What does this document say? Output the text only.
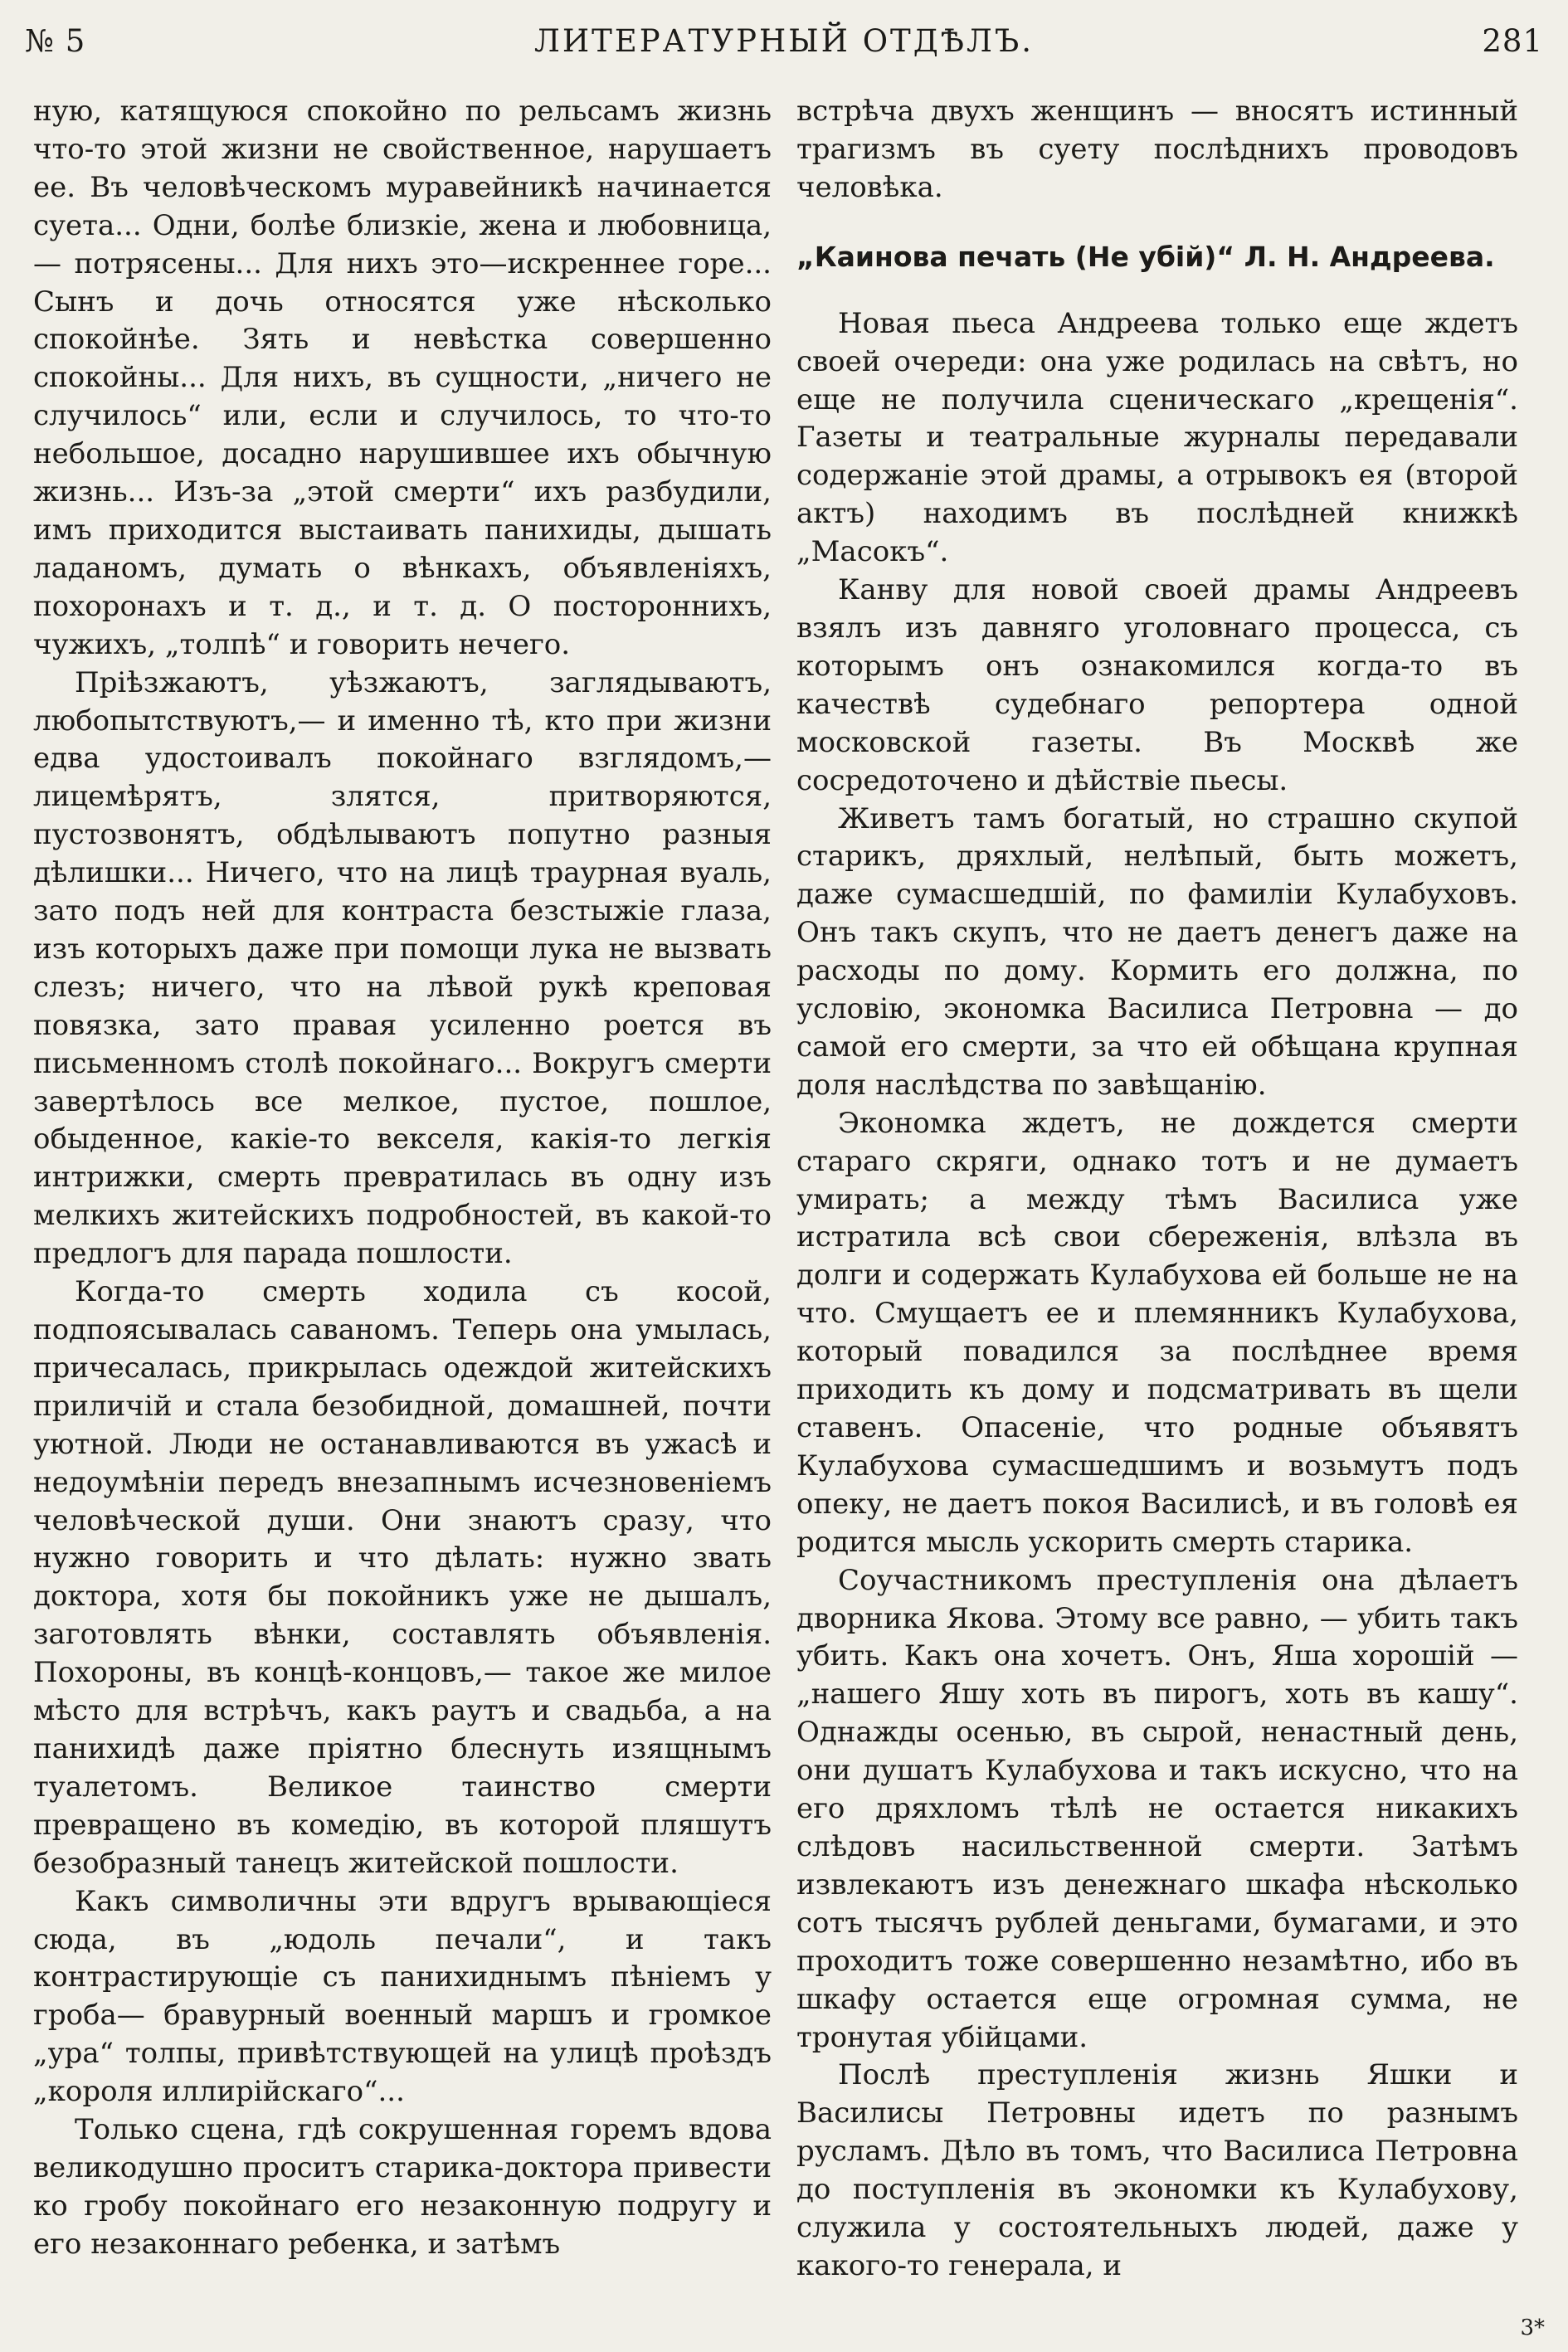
№ 5	ЛИТЕРАТУРНЫЙ ОТДѢЛЪ.	281

ную, катящуюся спокойно по рельсамъ жизнь что-то этой жизни не свойственное, нарушаетъ ее. Въ человѣческомъ муравейникѣ начинается суета... Одни, болѣе близкіе, жена и любовница,— потрясены... Для нихъ это—искреннее горе... Сынъ и дочь относятся уже нѣсколько спокойнѣе. Зять и невѣстка совершенно спокойны... Для нихъ, въ сущности, „ничего не случилось“ или, если и случилось, то что-то небольшое, досадно нарушившее ихъ обычную жизнь... Изъ-за „этой смерти“ ихъ разбудили, имъ приходится выстаивать панихиды, дышать ладаномъ, думать о вѣнкахъ, объявленіяхъ, похоронахъ и т. д., и т. д. О постороннихъ, чужихъ, „толпѣ“ и говорить нечего.

Пріѣзжаютъ, уѣзжаютъ, заглядываютъ, любопытствуютъ,— и именно тѣ, кто при жизни едва удостоивалъ покойнаго взглядомъ,—лицемѣрятъ, злятся, притворяются, пустозвонятъ, обдѣлываютъ попутно разныя дѣлишки... Ничего, что на лицѣ траурная вуаль, зато подъ ней для контраста безстыжіе глаза, изъ которыхъ даже при помощи лука не вызвать слезъ; ничего, что на лѣвой рукѣ крепoвая повязка, зато правая усиленно роется въ письменномъ столѣ покойнаго... Вокругъ смерти завертѣлось все мелкое, пустое, пошлое, обыденное, какіе-то векселя, какія-то легкія интрижки, смерть превратилась въ одну изъ мелкихъ житейскихъ подробностей, въ какой-то предлогъ для парада пошлости.

Когда-то смерть ходила съ косой, подпоясывалась саваномъ. Теперь она умылась, причесалась, прикрылась одеждой житейскихъ приличій и стала безобидной, домашней, почти уютной. Люди не останавливаются въ ужасѣ и недоумѣніи передъ внезапнымъ исчезновеніемъ человѣческой души. Они знаютъ сразу, что нужно говорить и что дѣлать: нужно звать доктора, хотя бы покойникъ уже не дышалъ, заготовлять вѣнки, составлять объявленія. Похороны, въ концѣ-концовъ,— такое же милое мѣсто для встрѣчъ, какъ раутъ и свадьба, а на панихидѣ даже пріятно блеснуть изящнымъ туалетомъ. Великое таинство смерти превращено въ комедію, въ которой пляшутъ безобразный танецъ житейской пошлости.

Какъ символичны эти вдругъ врывающіеся сюда, въ „юдоль печали“, и такъ контрастирующіе съ панихиднымъ пѣніемъ у гроба— бравурный военный маршъ и громкое „ура“ толпы, привѣтствующей на улицѣ проѣздъ „короля иллирійскаго“...

Только сцена, гдѣ сокрушенная горемъ вдова великодушно проситъ старика-доктора привести ко гробу покойнаго его незаконную подругу и его незаконнаго ребенка, и затѣмъ

встрѣча двухъ женщинъ — вносятъ истинный трагизмъ въ суету послѣднихъ проводовъ человѣка.

„Каинова печать (Не убій)“ Л. Н. Андреева.

Новая пьеса Андреева только еще ждетъ своей очереди: она уже родилась на свѣтъ, но еще не получила сценическаго „крещенія“. Газеты и театральные журналы передавали содержаніе этой драмы, а отрывокъ ея (второй актъ) находимъ въ послѣдней книжкѣ „Масокъ“.

Канву для новой своей драмы Андреевъ взялъ изъ давняго уголовнаго процесса, съ которымъ онъ ознакомился когда-то въ качествѣ судебнаго репортера одной московской газеты. Въ Москвѣ же сосредоточено и дѣйствіе пьесы.

Живетъ тамъ богатый, но страшно скупой старикъ, дряхлый, нелѣпый, быть можетъ, даже сумасшедшій, по фамиліи Кулабуховъ. Онъ такъ скупъ, что не даетъ денегъ даже на расходы по дому. Кормить его должна, по условію, экономка Василиса Петровна — до самой его смерти, за что ей обѣщана крупная доля наслѣдства по завѣщанію.

Экономка ждетъ, не дождется смерти стараго скряги, однако тотъ и не думаетъ умирать; а между тѣмъ Василиса уже истратила всѣ свои сбереженія, влѣзла въ долги и содержать Кулабухова ей больше не на что. Смущаетъ ее и племянникъ Кулабухова, который повадился за послѣднее время приходить къ дому и подсматривать въ щели ставенъ. Опасеніе, что родные объявятъ Кулабухова сумасшедшимъ и возьмутъ подъ опеку, не даетъ покоя Василисѣ, и въ головѣ ея родится мысль ускорить смерть старика.

Соучастникомъ преступленія она дѣлаетъ дворника Якова. Этому все равно, — убить такъ убить. Какъ она хочетъ. Онъ, Яша хорошій — „нашего Яшу хоть въ пирогъ, хоть въ кашу“. Однажды осенью, въ сырой, ненастный день, они душатъ Кулабухова и такъ искусно, что на его дряхломъ тѣлѣ не остается никакихъ слѣдовъ насильственной смерти. Затѣмъ извлекаютъ изъ денежнаго шкафа нѣсколько сотъ тысячъ рублей деньгами, бумагами, и это проходитъ тоже совершенно незамѣтно, ибо въ шкафу остается еще огромная сумма, не тронутая убійцами.

Послѣ преступленія жизнь Яшки и Василисы Петровны идетъ по разнымъ русламъ. Дѣло въ томъ, что Василиса Петровна до поступленія въ экономки къ Кулабухову, служила у состоятельныхъ людей, даже у какого-то генерала, и

3*
